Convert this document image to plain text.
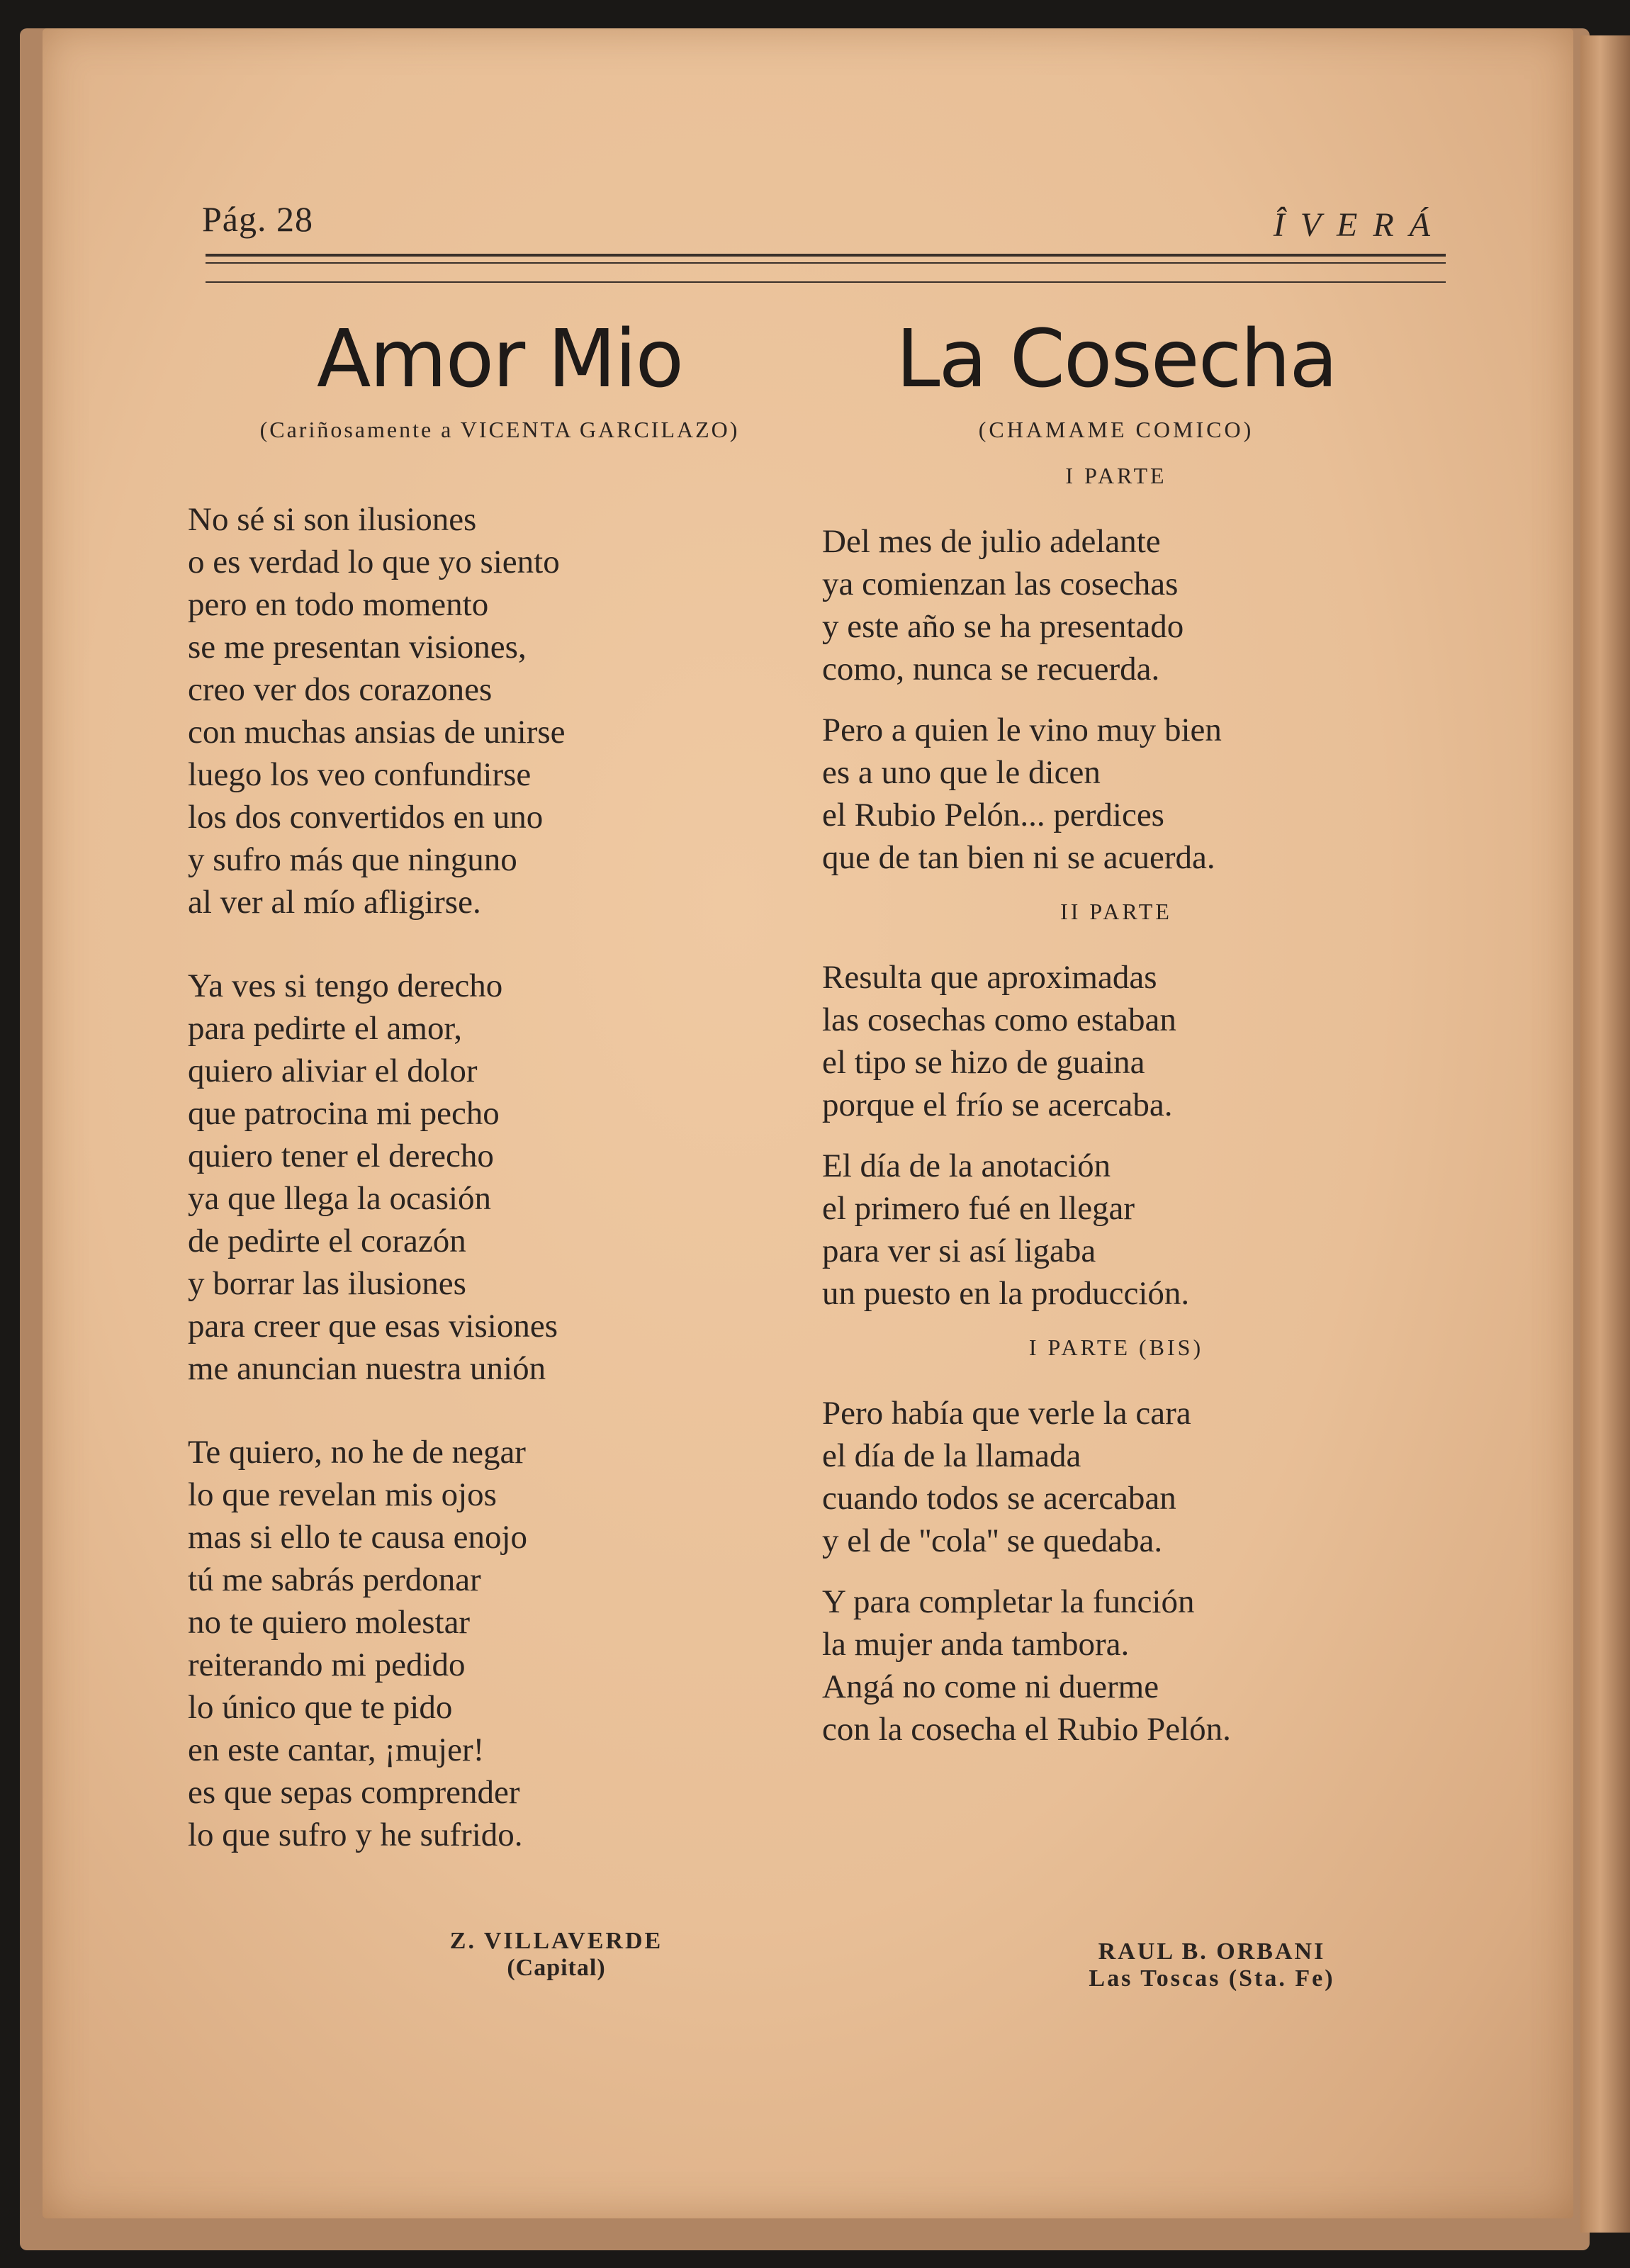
Pág. 28	ÎVERÁ
Amor Mio
(Cariñosamente a VICENTA GARCILAZO)
No sé si son ilusiones
o es verdad lo que yo siento
pero en todo momento
se me presentan visiones,
creo ver dos corazones
con muchas ansias de unirse
luego los veo confundirse
los dos convertidos en uno
y sufro más que ninguno
al ver al mío afligirse.
Ya ves si tengo derecho
para pedirte el amor,
quiero aliviar el dolor
que patrocina mi pecho
quiero tener el derecho
ya que llega la ocasión
de pedirte el corazón
y borrar las ilusiones
para creer que esas visiones
me anuncian nuestra unión
Te quiero, no he de negar
lo que revelan mis ojos
mas si ello te causa enojo
tú me sabrás perdonar
no te quiero molestar
reiterando mi pedido
lo único que te pido
en este cantar, ¡mujer!
es que sepas comprender
lo que sufro y he sufrido.
Z. VILLAVERDE
(Capital)
La Cosecha
(CHAMAME COMICO)
I PARTE
Del mes de julio adelante
ya comienzan las cosechas
y este año se ha presentado
como, nunca se recuerda.
Pero a quien le vino muy bien
es a uno que le dicen
el Rubio Pelón... perdices
que de tan bien ni se acuerda.
II PARTE
Resulta que aproximadas
las cosechas como estaban
el tipo se hizo de guaina
porque el frío se acercaba.
El día de la anotación
el primero fué en llegar
para ver si así ligaba
un puesto en la producción.
I PARTE (BIS)
Pero había que verle la cara
el día de la llamada
cuando todos se acercaban
y el de ''cola'' se quedaba.
Y para completar la función
la mujer anda tambora.
Angá no come ni duerme
con la cosecha el Rubio Pelón.
RAUL B. ORBANI
Las Toscas (Sta. Fe)
